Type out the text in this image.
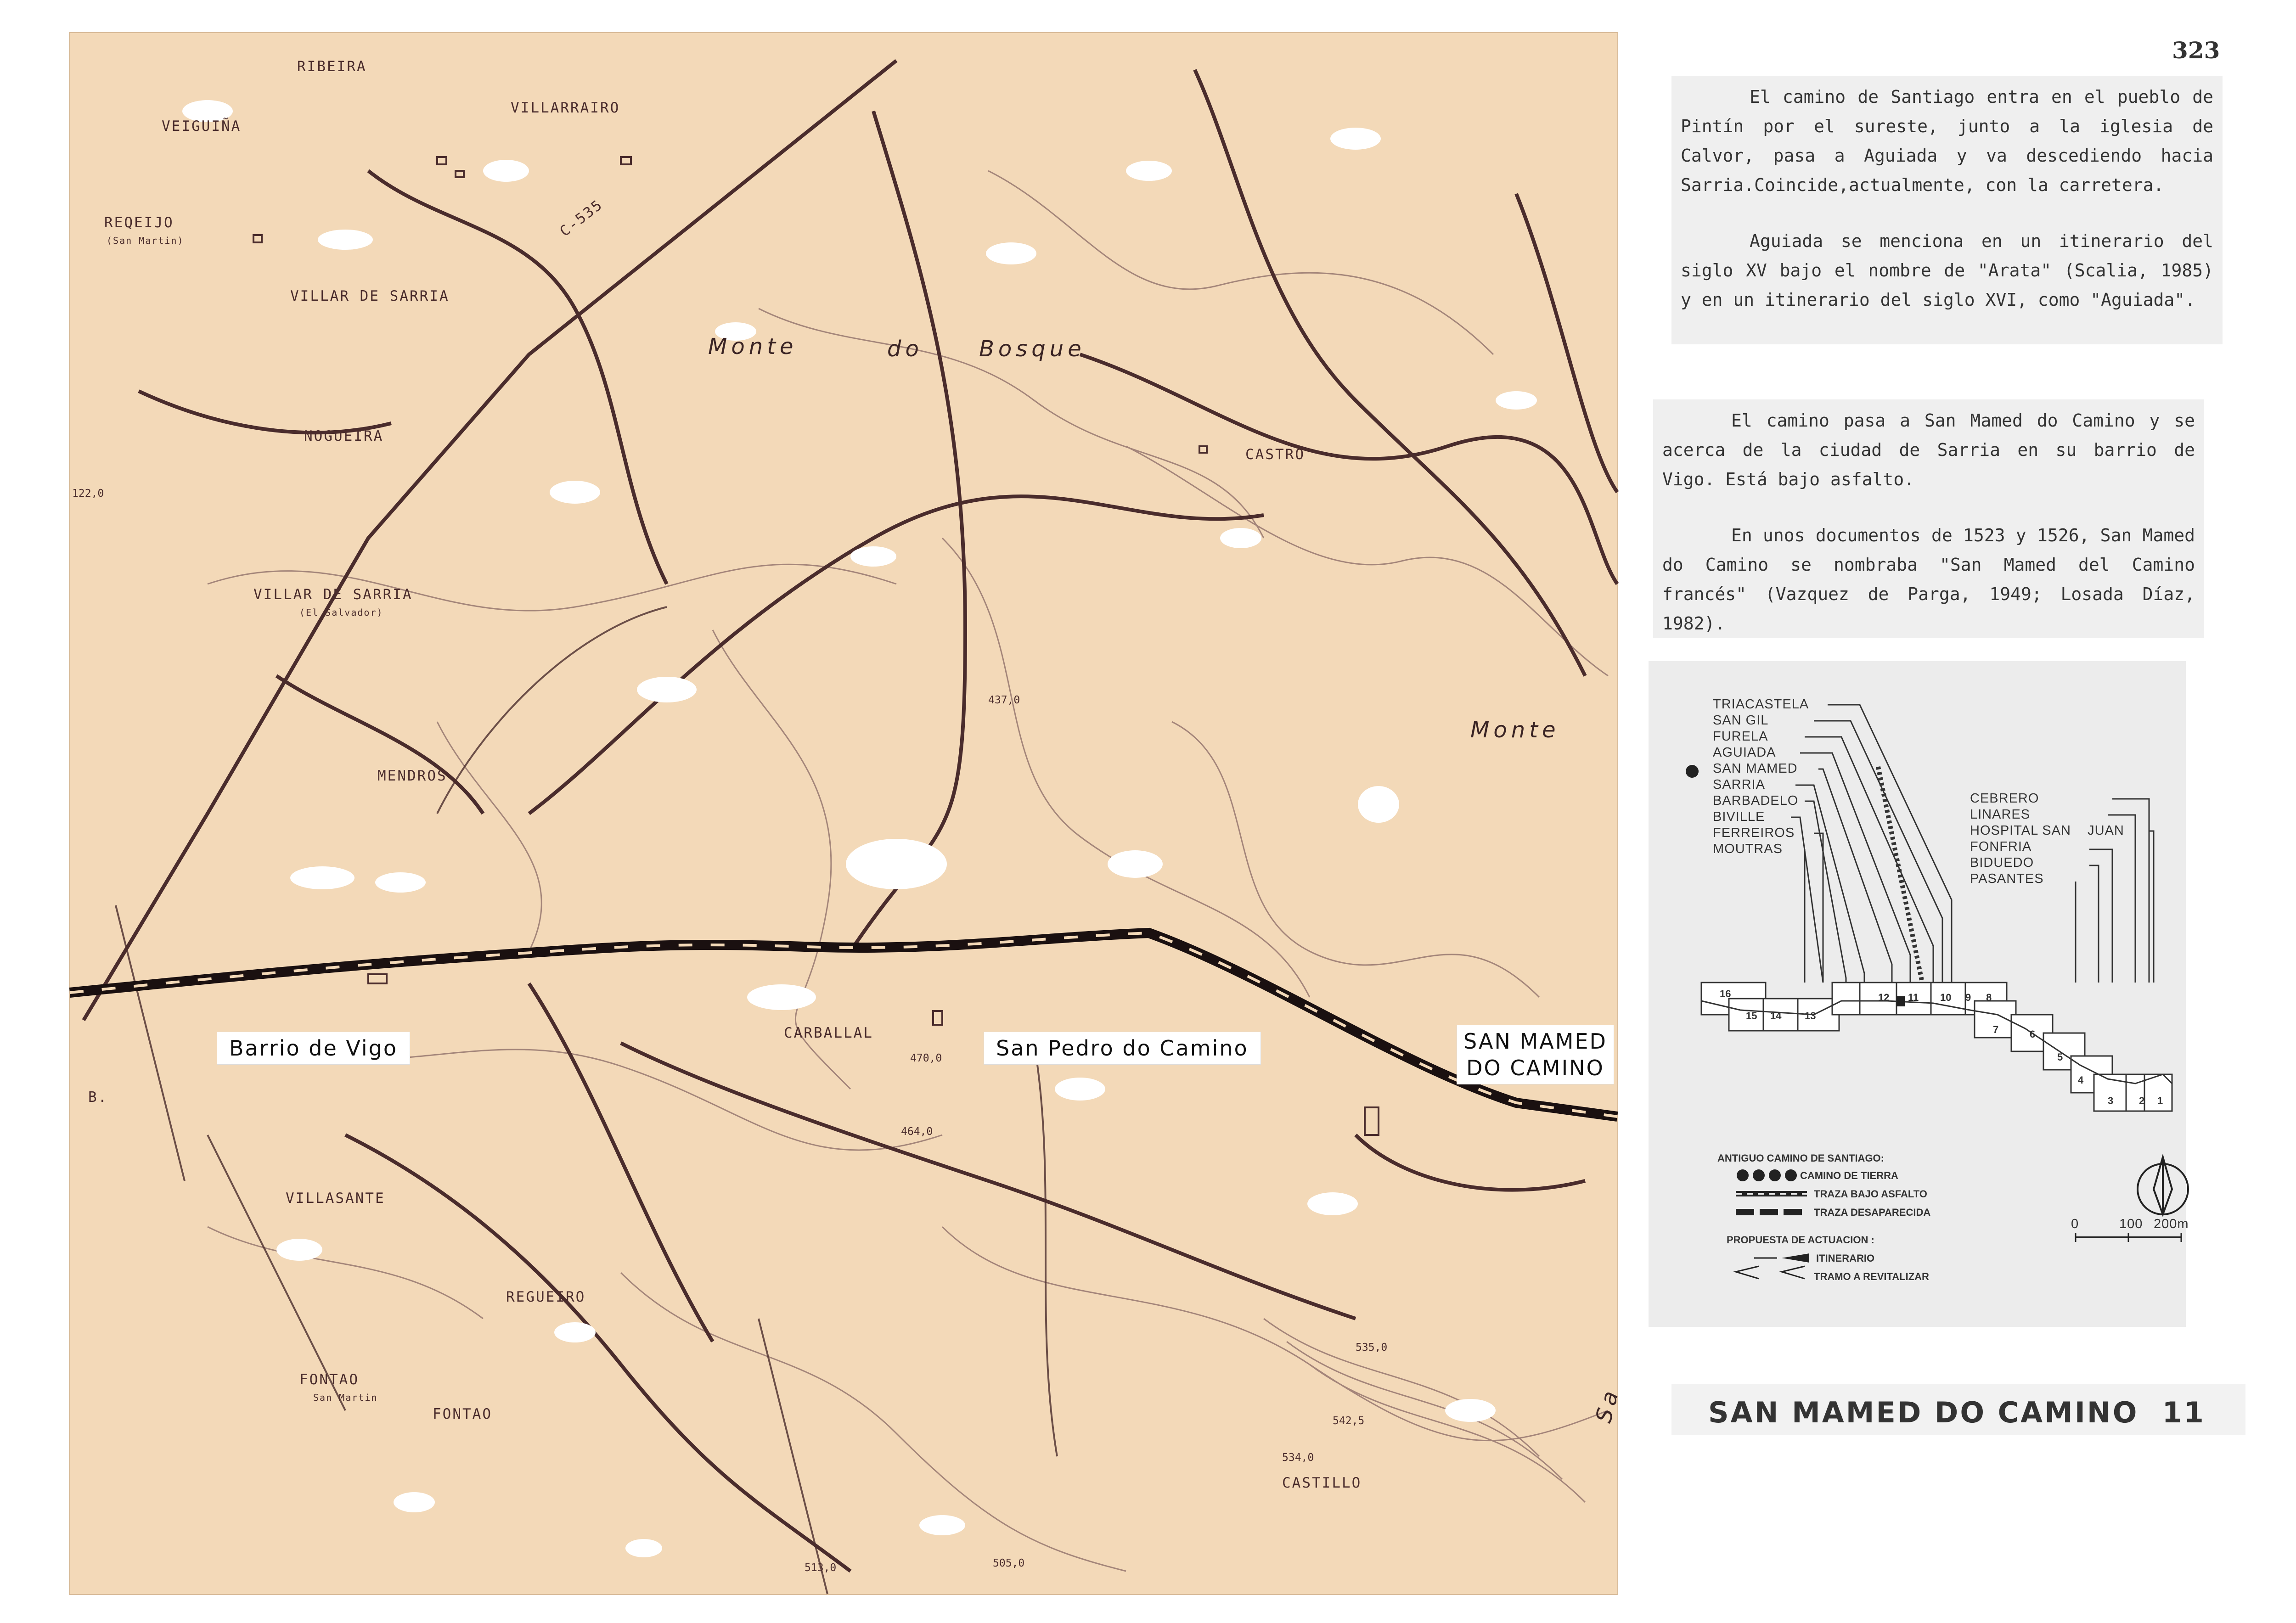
323
RIBEIRA
VEIGUIÑA
VILLARRAIRO
REQEIJO
(San Martin)
VILLAR DE SARRIA
NOGUEIRA
CASTRO
VILLAR DE SARRIA
(El Salvador)
MENDROS
CARBALLAL
VILLASANTE
REGUEIRO
FONTAO
San Martin
FONTAO
CASTILLO
B.
C-535
Monte	do	Bosque
Monte
Sa
122,0
437,0
470,0
464,0
535,0
542,5
534,0
513,0	505,0
Barrio de Vigo	San Pedro do Camino	SAN MAMED
DO CAMINO

El camino de Santiago entra en el pueblo de Pintín por el sureste, junto a la iglesia de Calvor, pasa a Aguiada y va descediendo hacia Sarria.Coincide,actualmente, con la carretera.

Aguiada se menciona en un itinerario del siglo XV bajo el nombre de "Arata" (Scalia, 1985) y en un itinerario del siglo XVI, como "Aguiada".

El camino pasa a San Mamed do Camino y se acerca de la ciudad de Sarria en su barrio de Vigo. Está bajo asfalto.

En unos documentos de 1523 y 1526, San Mamed do Camino se nombraba "San Mamed del Camino francés" (Vazquez de Parga, 1949; Losada Díaz, 1982).

TRIACASTELA
SAN GIL
FURELA
AGUIADA
SAN MAMED
SARRIA
BARBADELO
BIVILLE
FERREIROS
MOUTRAS
CEBRERO
LINARES
HOSPITAL SAN    JUAN
FONFRIA
BIDUEDO
PASANTES
16
15 14 13
12 11 10 9 8
7	6
5
4
3	2 1
ANTIGUO CAMINO DE SANTIAGO:
CAMINO DE TIERRA
TRAZA BAJO ASFALTO
TRAZA DESAPARECIDA
PROPUESTA DE ACTUACION :
ITINERARIO
TRAMO A REVITALIZAR
0	100 200m
SAN MAMED DO CAMINO  11
